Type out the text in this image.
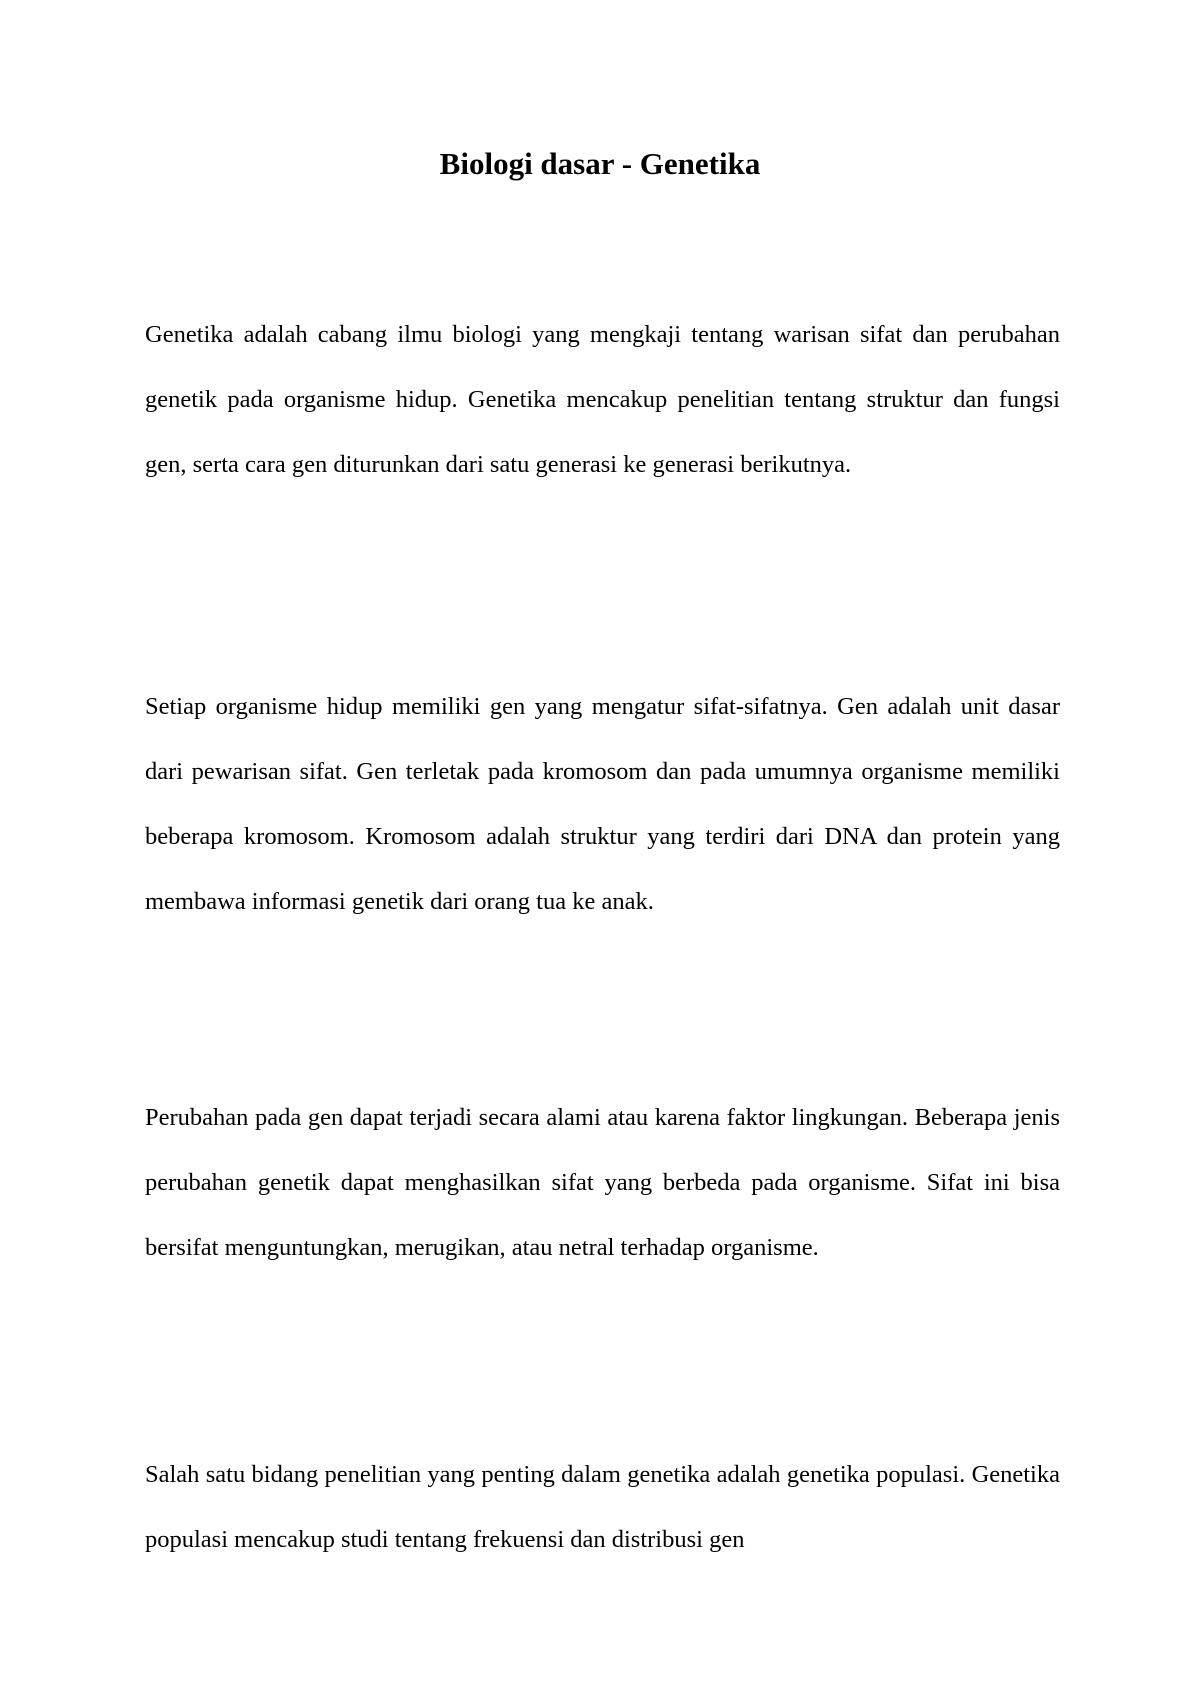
Biologi dasar - Genetika

Genetika adalah cabang ilmu biologi yang mengkaji tentang warisan sifat dan perubahan genetik pada organisme hidup. Genetika mencakup penelitian tentang struktur dan fungsi gen, serta cara gen diturunkan dari satu generasi ke generasi berikutnya.

Setiap organisme hidup memiliki gen yang mengatur sifat-sifatnya. Gen adalah unit dasar dari pewarisan sifat. Gen terletak pada kromosom dan pada umumnya organisme memiliki beberapa kromosom. Kromosom adalah struktur yang terdiri dari DNA dan protein yang membawa informasi genetik dari orang tua ke anak.

Perubahan pada gen dapat terjadi secara alami atau karena faktor lingkungan. Beberapa jenis perubahan genetik dapat menghasilkan sifat yang berbeda pada organisme. Sifat ini bisa bersifat menguntungkan, merugikan, atau netral terhadap organisme.

Salah satu bidang penelitian yang penting dalam genetika adalah genetika populasi. Genetika populasi mencakup studi tentang frekuensi dan distribusi gen
